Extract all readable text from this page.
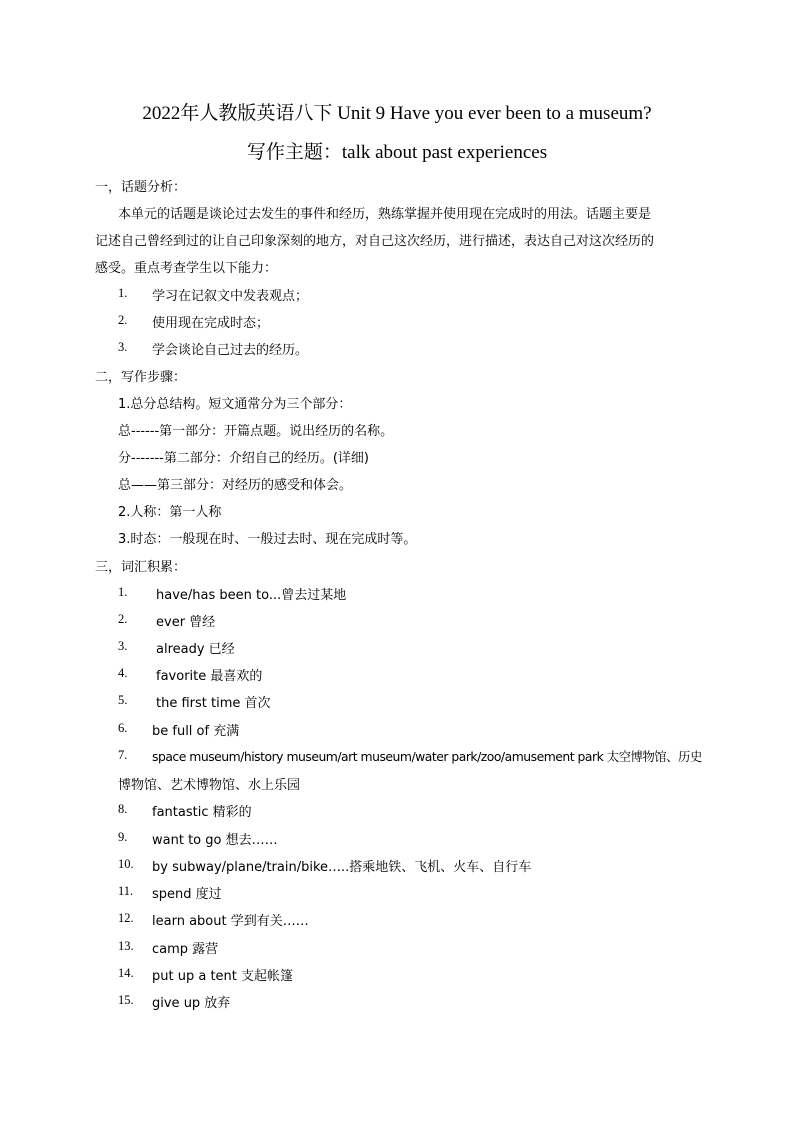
2022年人教版英语八下 Unit 9 Have you ever been to a museum?
写作主题：talk about past experiences
一，话题分析：
本单元的话题是谈论过去发生的事件和经历，熟练掌握并使用现在完成时的用法。话题主要是
记述自己曾经到过的让自己印象深刻的地方，对自己这次经历，进行描述，表达自己对这次经历的
感受。重点考查学生以下能力：
1.	学习在记叙文中发表观点；
2.	使用现在完成时态；
3.	学会谈论自己过去的经历。
二，写作步骤：
1.总分总结构。短文通常分为三个部分：
总------第一部分：开篇点题。说出经历的名称。
分-------第二部分：介绍自己的经历。(详细)
总——第三部分：对经历的感受和体会。
2.人称：第一人称
3.时态：一般现在时、一般过去时、现在完成时等。
三，词汇积累：
1.	have/has been to...曾去过某地
2.	ever 曾经
3.	already 已经
4.	favorite 最喜欢的
5.	the first time 首次
6.	be full of 充满
7.	space museum/history museum/art museum/water park/zoo/amusement park 太空博物馆、历史
博物馆、艺术博物馆、水上乐园
8.	fantastic 精彩的
9.	want to go 想去……
10.	by subway/plane/train/bike…..搭乘地铁、飞机、火车、自行车
11.	spend 度过
12.	learn about 学到有关……
13.	camp 露营
14.	put up a tent 支起帐篷
15.	give up 放弃
